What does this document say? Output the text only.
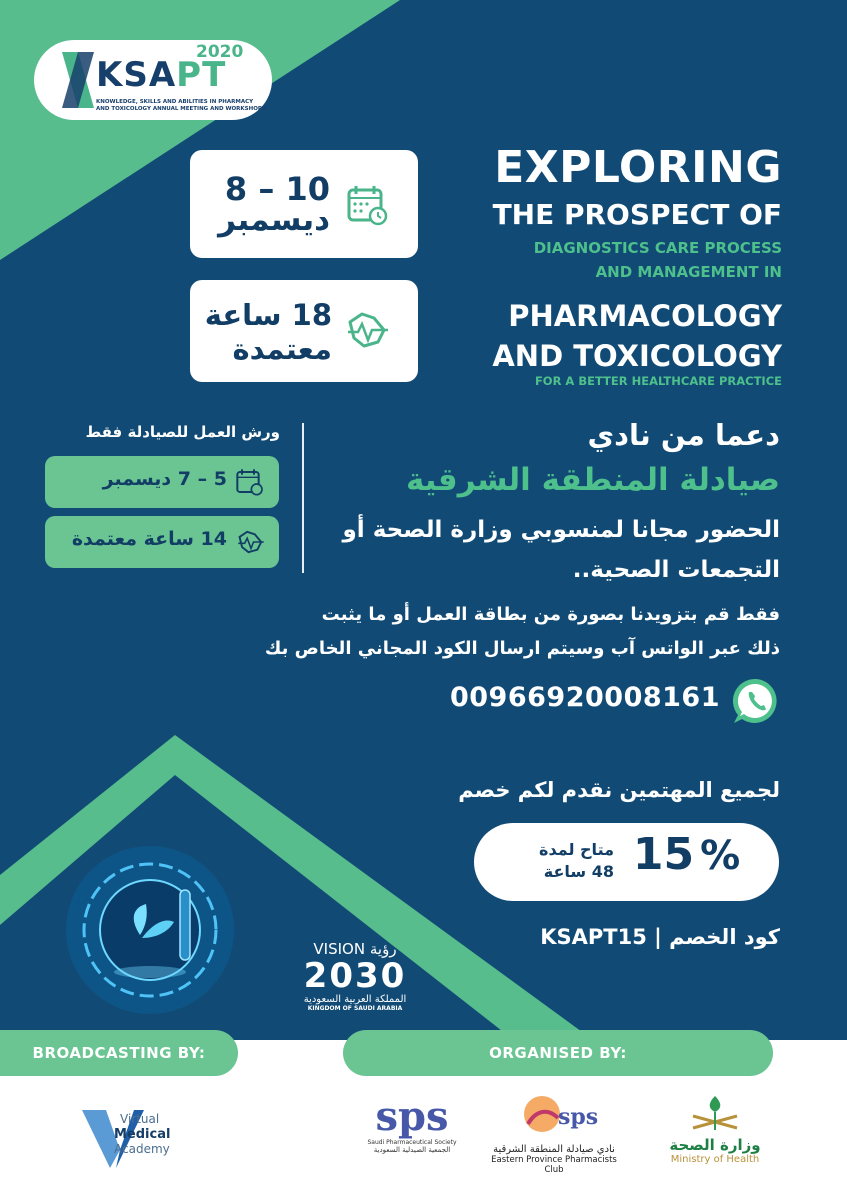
2020
KSAPT
KNOWLEDGE, SKILLS AND ABILITIES IN PHARMACY AND TOXICOLOGY ANNUAL MEETING AND WORKSHOPS
8 – 10
ديسمبر
18 ساعة
معتمدة
EXPLORING
THE PROSPECT OF
DIAGNOSTICS CARE PROCESS
AND MANAGEMENT IN
PHARMACOLOGY
AND TOXICOLOGY
FOR A BETTER HEALTHCARE PRACTICE
ورش العمل للصيادلة فقط
5 – 7 ديسمبر
14 ساعة معتمدة
دعما من نادي
صيادلة المنطقة الشرقية
الحضور مجانا لمنسوبي وزارة الصحة أو
التجمعات الصحية..
فقط قم بتزويدنا بصورة من بطاقة العمل أو ما يثبت
ذلك عبر الواتس آب وسيتم ارسال الكود المجاني الخاص بك
00966920008161
لجميع المهتمين نقدم لكم خصم
15 %
متاح لمدة
48 ساعة
كود الخصم | KSAPT15
VISION رؤية
2030
المملكة العربية السعودية
KINGDOM OF SAUDI ARABIA
BROADCASTING BY:	ORGANISED BY:
Virtual
Medical
Academy
sps
Saudi Pharmaceutical Society
الجمعية الصيدلية السعودية
sps
نادي صيادلة المنطقة الشرقية
Eastern Province Pharmacists Club
وزارة الصحة
Ministry of Health
